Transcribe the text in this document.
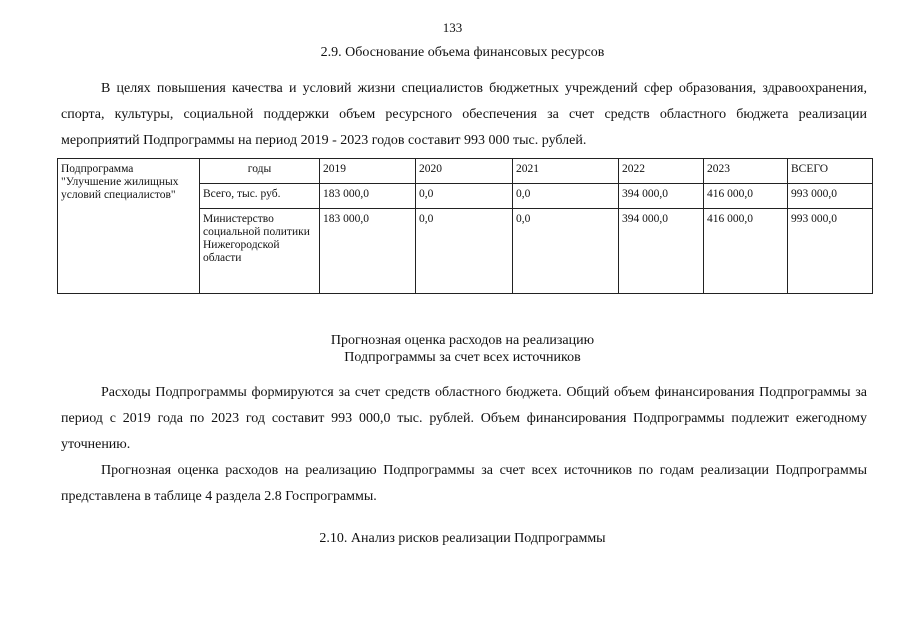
133
2.9. Обоснование объема финансовых ресурсов
В целях повышения качества и условий жизни специалистов бюджетных учреждений сфер образования, здравоохранения, спорта, культуры, социальной поддержки объем ресурсного обеспечения за счет средств областного бюджета реализации мероприятий Подпрограммы на период 2019 - 2023 годов составит 993 000 тыс. рублей.
Подпрограмма
"Улучшение жилищных условий специалистов"	годы	2019	2020	2021	2022	2023	ВСЕГО
	Всего, тыс. руб.	183 000,0	0,0	0,0	394 000,0	416 000,0	993 000,0
	Министерство социальной политики Нижегородской области	183 000,0	0,0	0,0	394 000,0	416 000,0	993 000,0
Прогнозная оценка расходов на реализацию
Подпрограммы за счет всех источников
Расходы Подпрограммы формируются за счет средств областного бюджета. Общий объем финансирования Подпрограммы за период с 2019 года по 2023 год составит 993 000,0 тыс. рублей. Объем финансирования Подпрограммы подлежит ежегодному уточнению.
Прогнозная оценка расходов на реализацию Подпрограммы за счет всех источников по годам реализации Подпрограммы представлена в таблице 4 раздела 2.8 Госпрограммы.
2.10. Анализ рисков реализации Подпрограммы
